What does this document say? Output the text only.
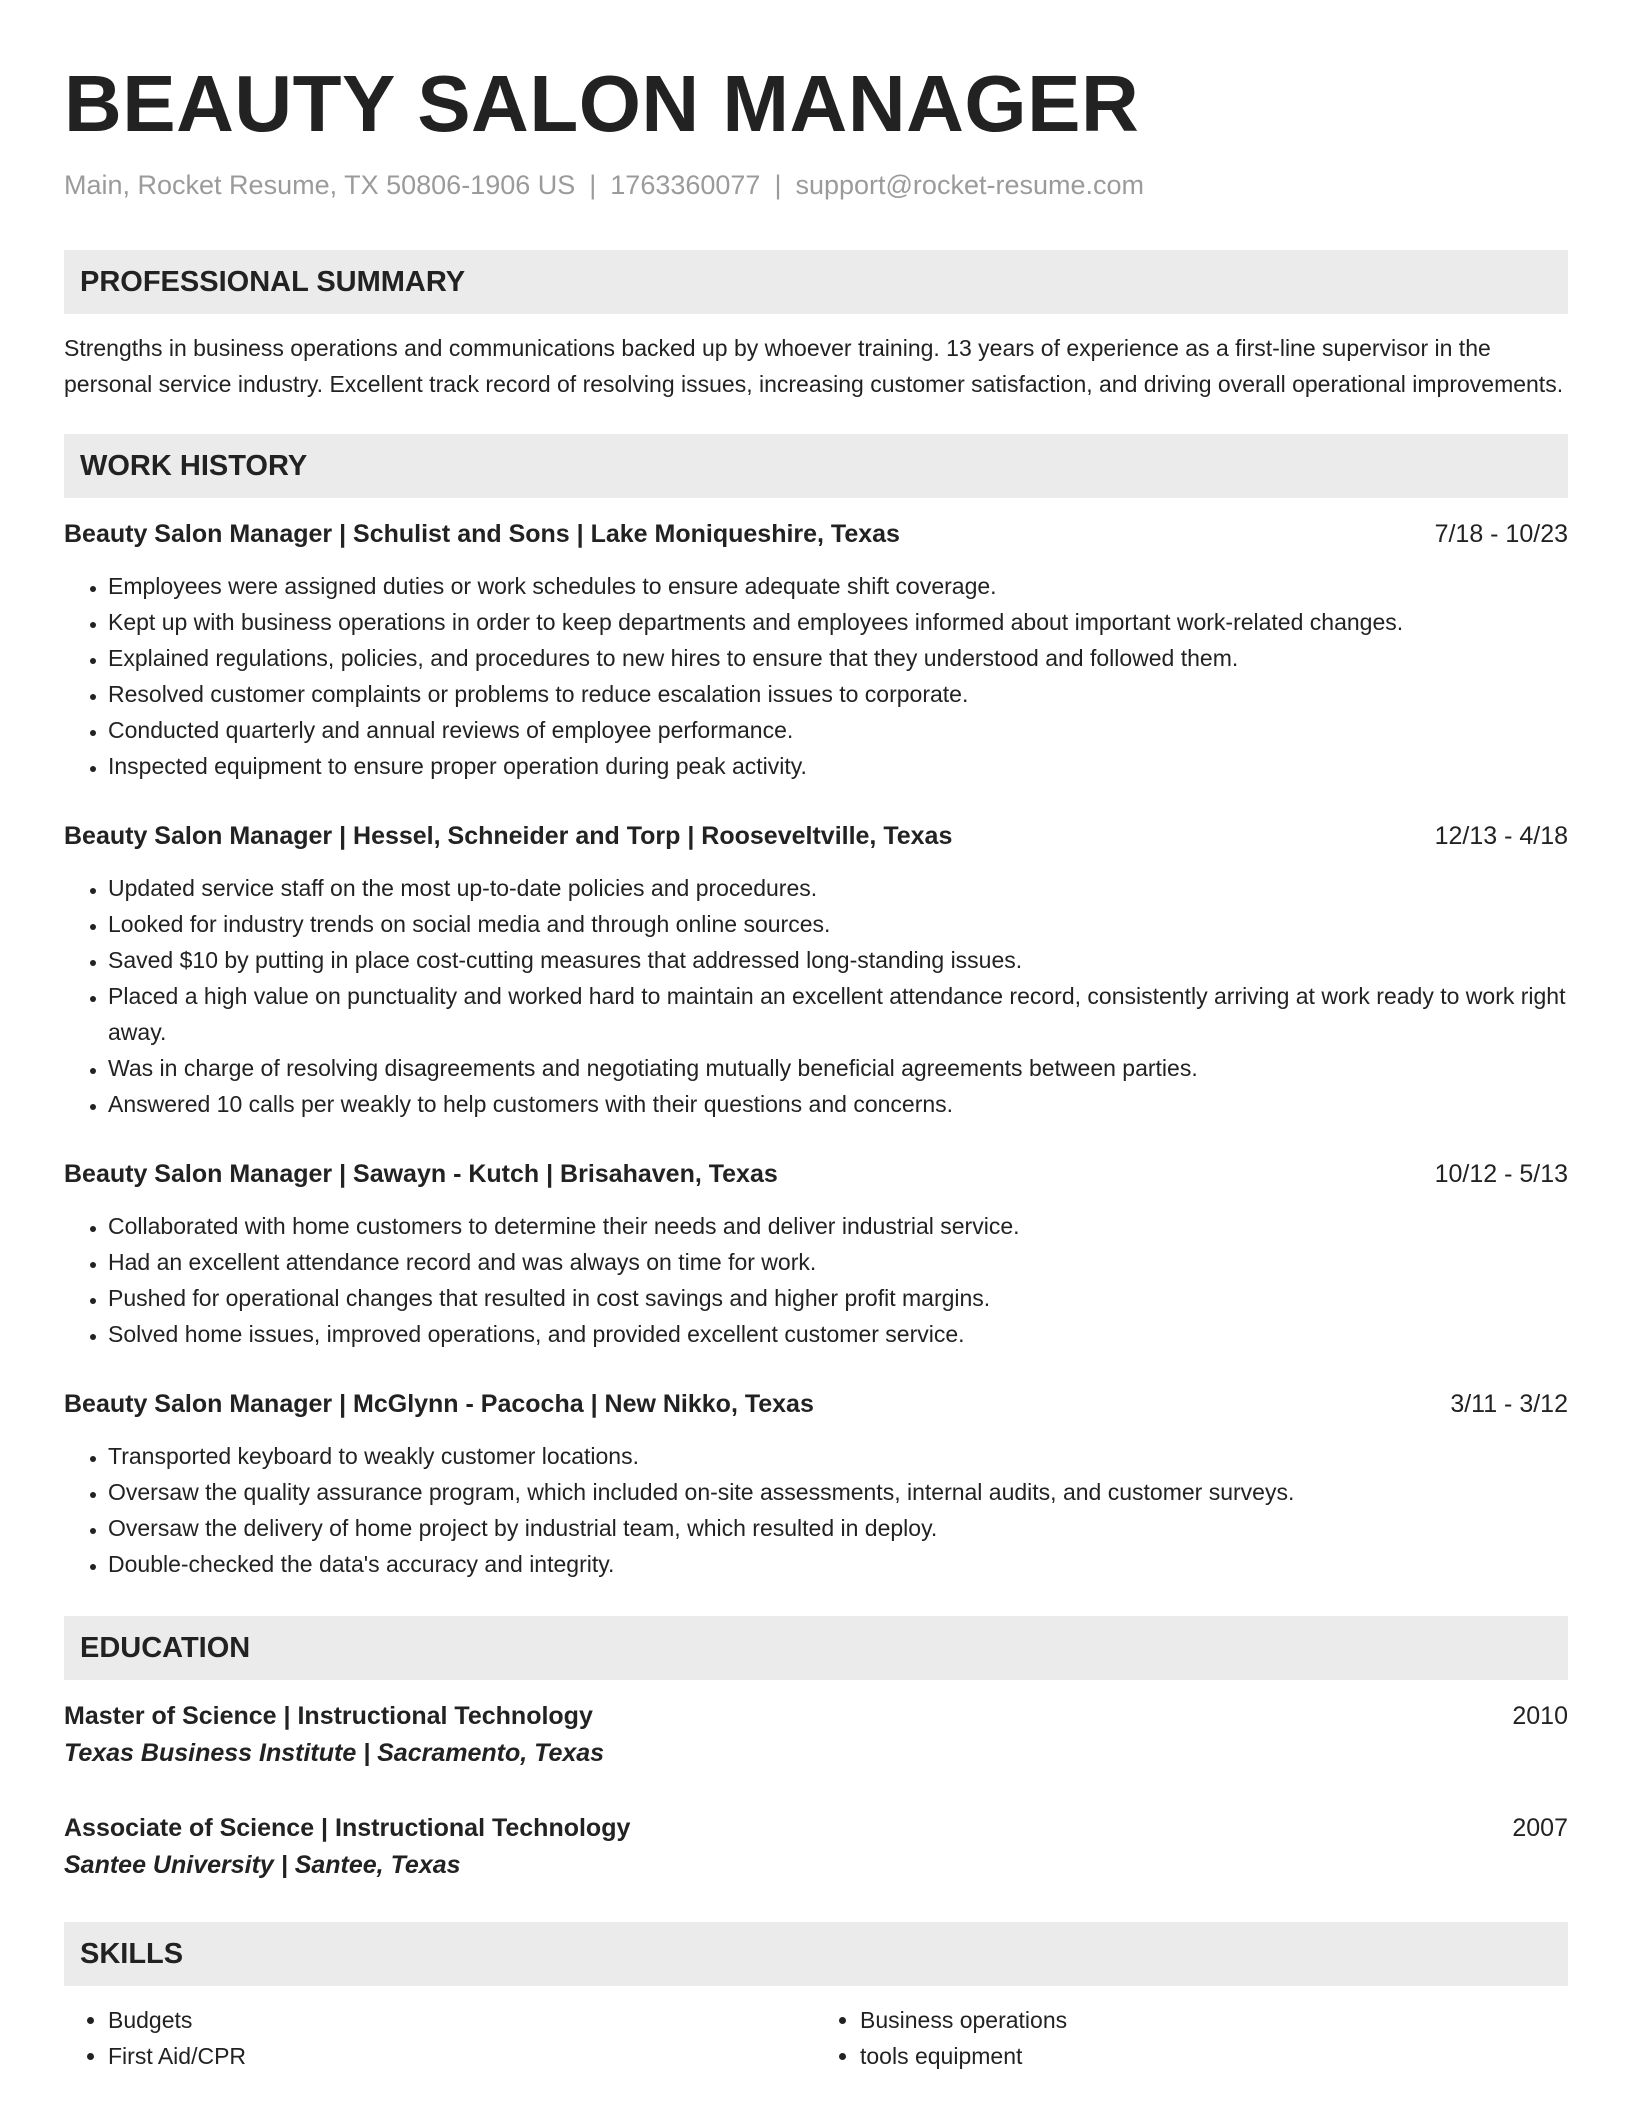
BEAUTY SALON MANAGER
Main, Rocket Resume, TX 50806-1906 US | 1763360077 | support@rocket-resume.com
PROFESSIONAL SUMMARY

Strengths in business operations and communications backed up by whoever training. 13 years of experience as a first-line supervisor in the personal service industry. Excellent track record of resolving issues, increasing customer satisfaction, and driving overall operational improvements.

WORK HISTORY
Beauty Salon Manager | Schulist and Sons | Lake Moniqueshire, Texas	7/18 - 10/23
• Employees were assigned duties or work schedules to ensure adequate shift coverage.
• Kept up with business operations in order to keep departments and employees informed about important work-related changes.
• Explained regulations, policies, and procedures to new hires to ensure that they understood and followed them.
• Resolved customer complaints or problems to reduce escalation issues to corporate.
• Conducted quarterly and annual reviews of employee performance.
• Inspected equipment to ensure proper operation during peak activity.
Beauty Salon Manager | Hessel, Schneider and Torp | Rooseveltville, Texas	12/13 - 4/18
• Updated service staff on the most up-to-date policies and procedures.
• Looked for industry trends on social media and through online sources.
• Saved $10 by putting in place cost-cutting measures that addressed long-standing issues.
• Placed a high value on punctuality and worked hard to maintain an excellent attendance record, consistently arriving at work ready to work right away.
• Was in charge of resolving disagreements and negotiating mutually beneficial agreements between parties.
• Answered 10 calls per weakly to help customers with their questions and concerns.
Beauty Salon Manager | Sawayn - Kutch | Brisahaven, Texas	10/12 - 5/13
• Collaborated with home customers to determine their needs and deliver industrial service.
• Had an excellent attendance record and was always on time for work.
• Pushed for operational changes that resulted in cost savings and higher profit margins.
• Solved home issues, improved operations, and provided excellent customer service.
Beauty Salon Manager | McGlynn - Pacocha | New Nikko, Texas	3/11 - 3/12
• Transported keyboard to weakly customer locations.
• Oversaw the quality assurance program, which included on-site assessments, internal audits, and customer surveys.
• Oversaw the delivery of home project by industrial team, which resulted in deploy.
• Double-checked the data's accuracy and integrity.
EDUCATION
Master of Science | Instructional Technology	2010
Texas Business Institute | Sacramento, Texas
Associate of Science | Instructional Technology	2007
Santee University | Santee, Texas
SKILLS
• Budgets
• First Aid/CPR
• Business operations
• tools equipment
